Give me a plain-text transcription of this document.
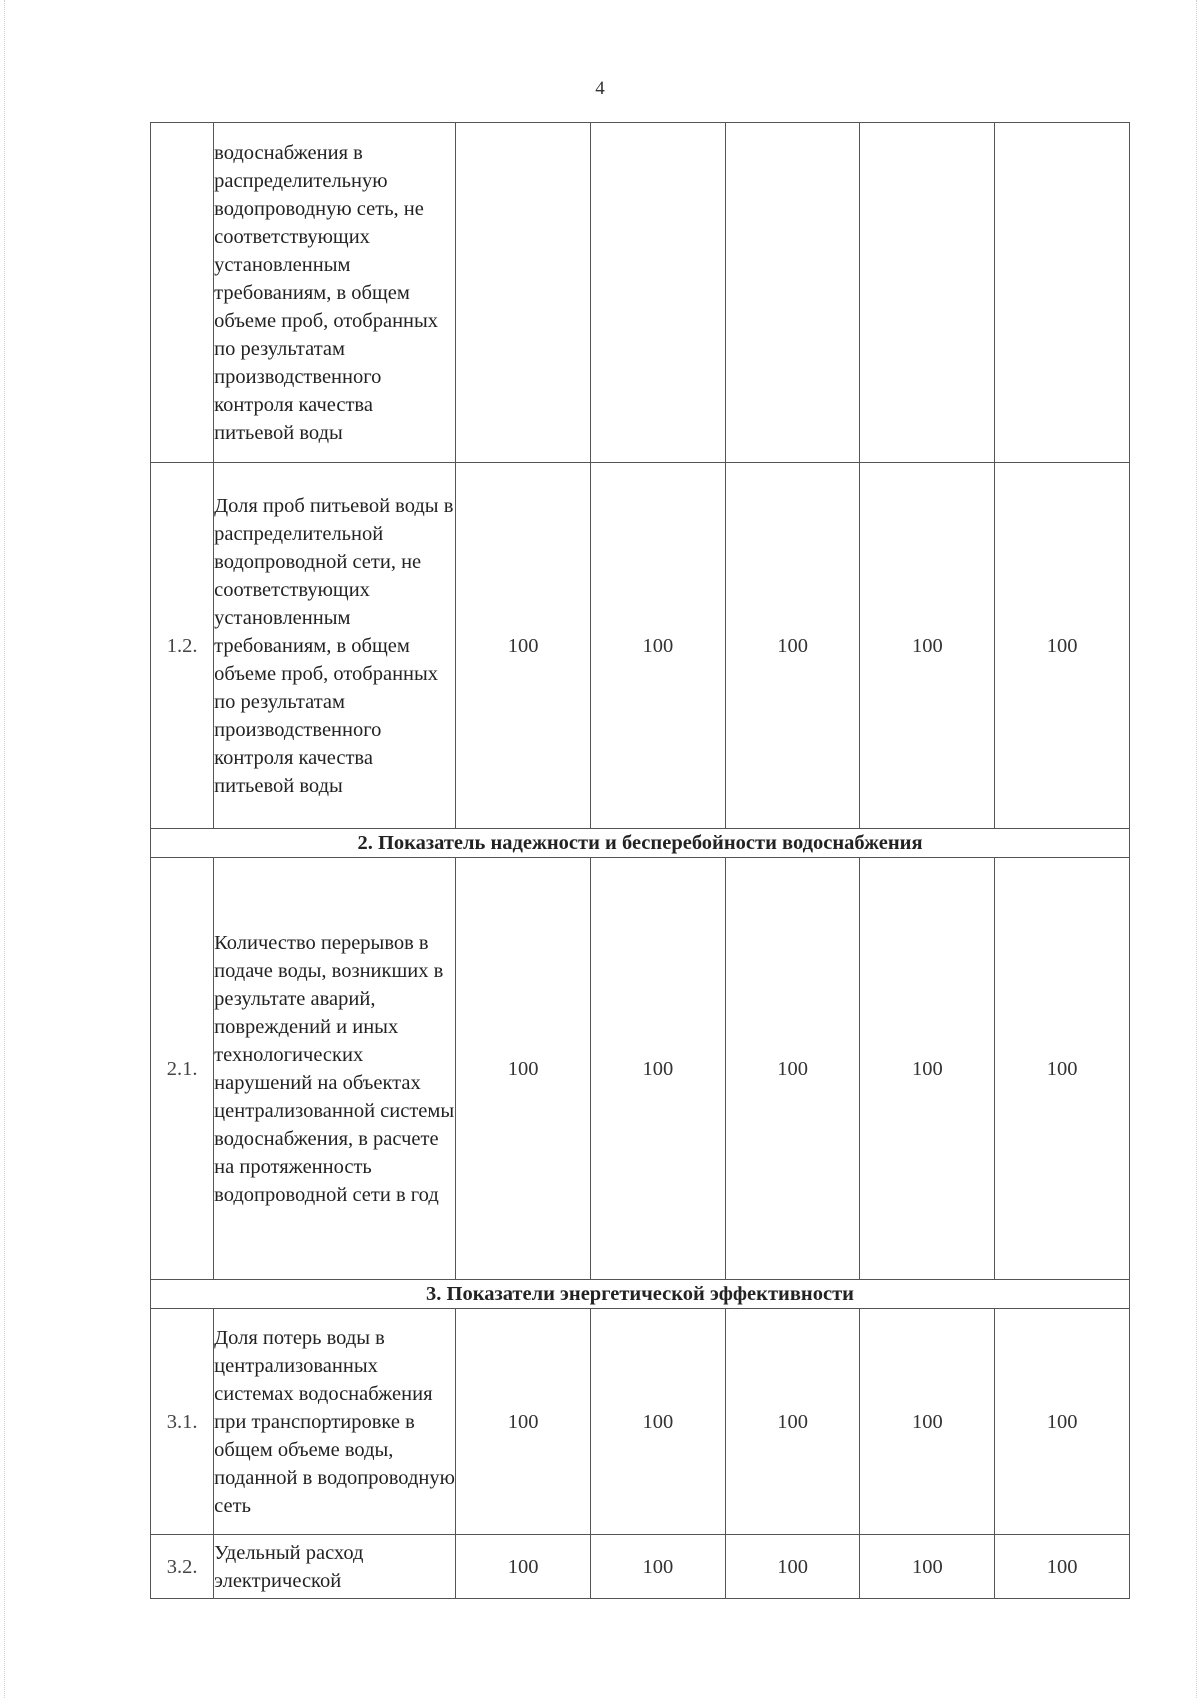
4

	водоснабжения в распределительную водопроводную сеть, не соответствующих установленным требованиям, в общем объеме проб, отобранных по результатам производственного контроля качества питьевой воды					

1.2.	Доля проб питьевой воды в распределительной водопроводной сети, не соответствующих установленным требованиям, в общем объеме проб, отобранных по результатам производственного контроля качества питьевой воды	100	100	100	100	100
2. Показатель надежности и бесперебойности водоснабжения						
2.1.	Количество перерывов в подаче воды, возникших в результате аварий, повреждений и иных технологических нарушений на объектах централизованной системы водоснабжения, в расчете на протяженность водопроводной сети в год	100	100	100	100	100
3. Показатели энергетической эффективности						
3.1.	Доля потерь воды в централизованных системах водоснабжения при транспортировке в общем объеме воды, поданной в водопроводную сеть	100	100	100	100	100
3.2.	Удельный расход электрической	100	100	100	100	100
